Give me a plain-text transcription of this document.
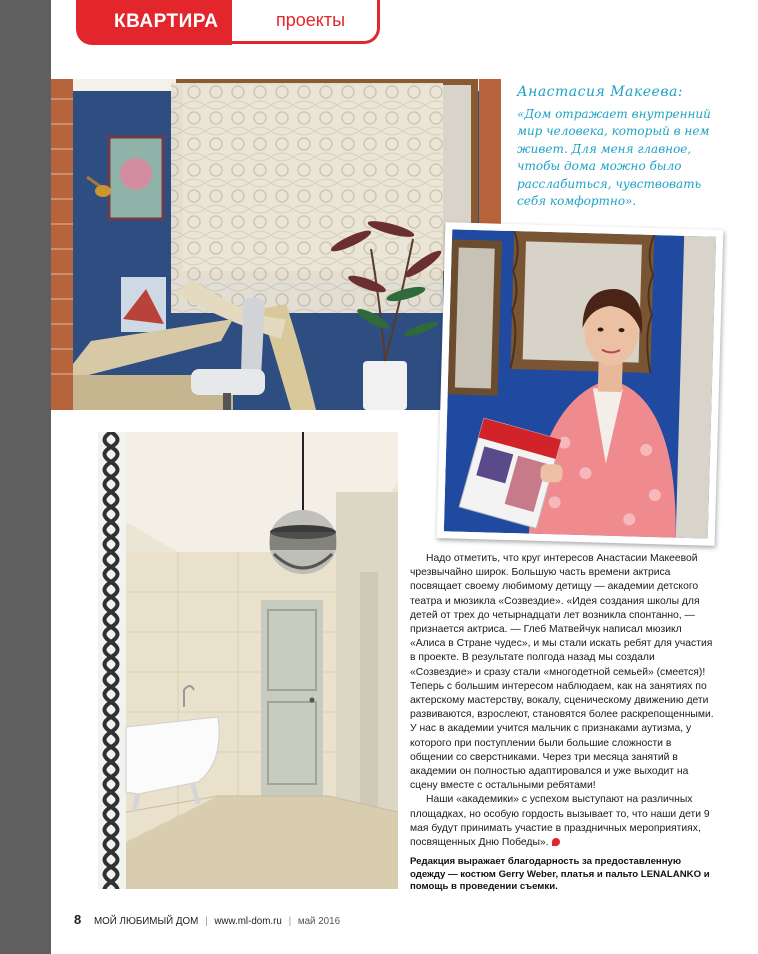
КВАРТИРА	проекты
Анастасия Макеева:
«Дом отражает внутренний мир человека, который в нем живет. Для меня главное, чтобы дома можно было расслабиться, чувствовать себя комфортно».

Надо отметить, что круг интересов Анастасии Макеевой чрезвычайно широк. Большую часть времени актриса посвящает своему любимому детищу — академии детского театра и мюзикла «Созвездие». «Идея создания школы для детей от трех до четырнадцати лет возникла спонтанно, — признается актриса. — Глеб Матвейчук написал мюзикл «Алиса в Стране чудес», и мы стали искать ребят для участия в проекте. В результате полгода назад мы создали «Созвездие» и сразу стали «многодетной семьей» (смеется)! Теперь с большим интересом наблюдаем, как на занятиях по актерскому мастерству, вокалу, сценическому движению дети развиваются, взрослеют, становятся более раскрепощенными. У нас в академии учится мальчик с признаками аутизма, у которого при поступлении были большие сложности в общении со сверстниками. Через три месяца занятий в академии он полностью адаптировался и уже выходит на сцену вместе с остальными ребятами!

Наши «академики» с успехом выступают на различных площадках, но особую гордость вызывает то, что наши дети 9 мая будут принимать участие в праздничных мероприятиях, посвященных Дню Победы».

Редакция выражает благодарность за предоставленную одежду — костюм Gerry Weber, платья и пальто LENALANKO и помощь в проведении съемки.
8 МОЙ ЛЮБИМЫЙ ДОМ | www.ml-dom.ru | май 2016
